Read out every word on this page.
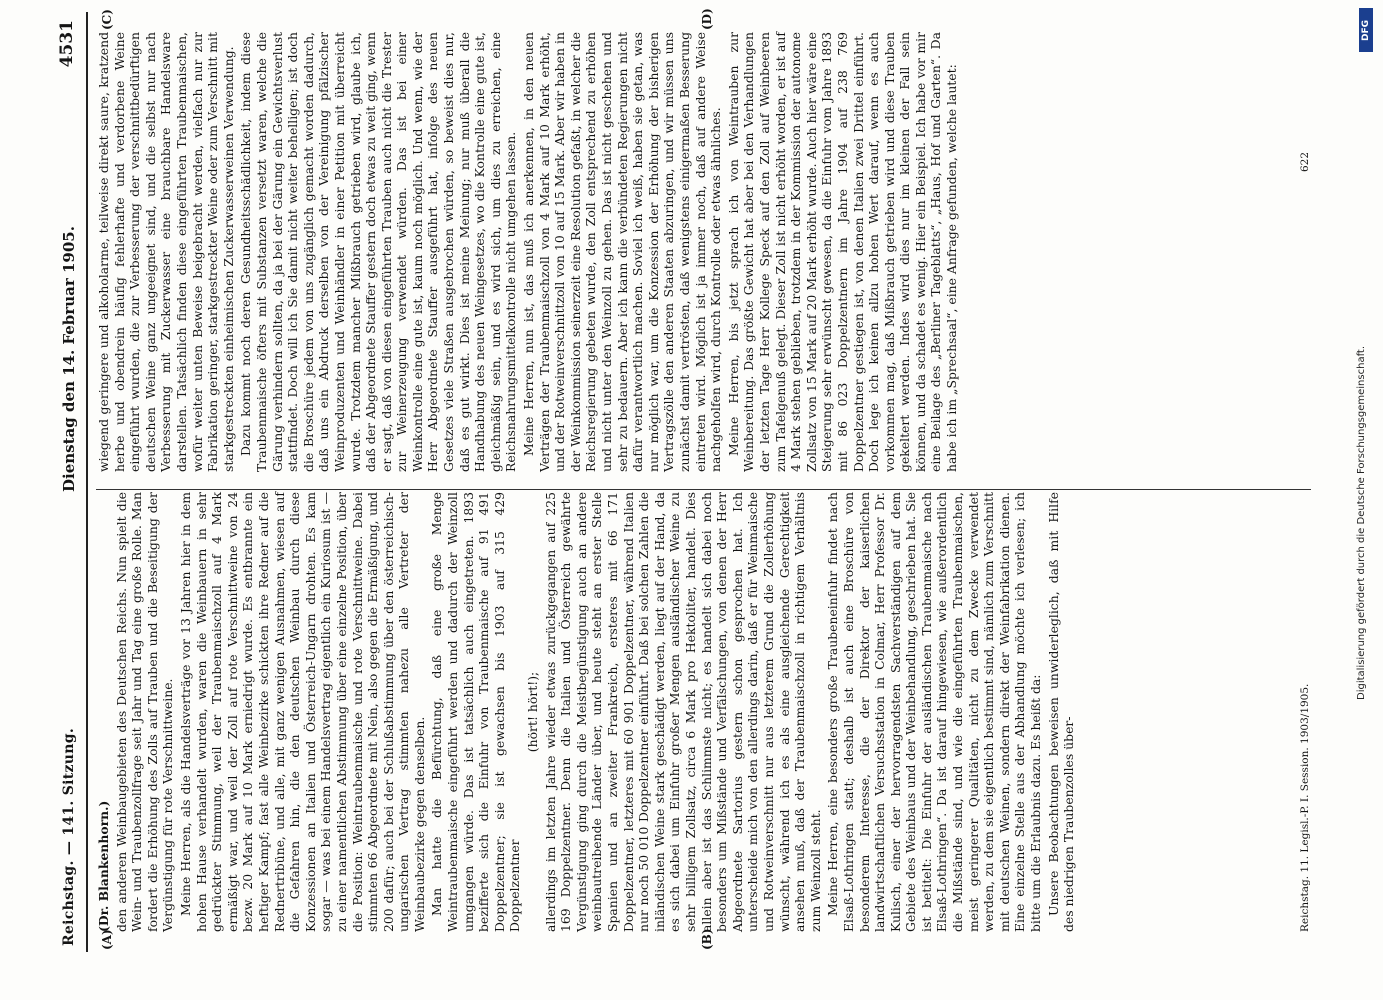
Reichstag. — 141. Sitzung.
Dienstag den 14. Februar 1905.
4531

(Dr. Blankenhorn.) den anderen Weinbaugebieten des Deutschen Reichs. Nun spielt die Wein- und Traubenzollfrage seit Jahr und Tag eine große Rolle. Man fordert die Erhöhung des Zolls auf Trauben und die Beseitigung der Vergünstigung für rote Verschnittweine. Meine Herren, als die Handelsverträge vor 13 Jahren hier in dem hohen Hause verhandelt wurden, waren die Weinbauern in sehr gedrückter Stimmung, weil der Traubenmaischzoll auf 4 Mark ermäßigt war, und weil der Zoll auf rote Verschnittweine von 24 bezw. 20 Mark auf 10 Mark erniedrigt wurde. Es entbrannte ein heftiger Kampf; fast alle Weinbezirke schickten ihre Redner auf die Rednertribüne, und alle, mit ganz wenigen Ausnahmen, wiesen auf die Gefahren hin, die den deutschen Weinbau durch diese Konzessionen an Italien und Österreich-Ungarn drohten. Es kam sogar — was bei einem Handelsvertrag eigentlich ein Kuriosum ist — zu einer namentlichen Abstimmung über eine einzelne Position, über die Position: Weintraubenmaische und rote Verschnittweine. Dabei stimmten 66 Abgeordnete mit Nein, also gegen die Ermäßigung, und 200 dafür; auch bei der Schlußabstimmung über den österreichisch-ungarischen Vertrag stimmten nahezu alle Vertreter der Weinbaubezirke gegen denselben. Man hatte die Befürchtung, daß eine große Menge Weintraubenmaische eingeführt werden und dadurch der Weinzoll umgangen würde. Das ist tatsächlich auch eingetreten. 1893 bezifferte sich die Einfuhr von Traubenmaische auf 91 491 Doppelzentner; sie ist gewachsen bis 1903 auf 315 429 Doppelzentner

(hört! hört!); allerdings im letzten Jahre wieder etwas zurückgegangen auf 225 169 Doppelzentner. Denn die Italien und Österreich gewährte Vergünstigung ging durch die Meistbegünstigung auch an andere weinbautreibende Länder über, und heute steht an erster Stelle Spanien und an zweiter Frankreich, ersteres mit 66 171 Doppelzentner, letzteres mit 60 901 Doppelzentner, während Italien nur noch 50 010 Doppelzentner einführt. Daß bei solchen Zahlen die inländischen Weine stark geschädigt werden, liegt auf der Hand, da es sich dabei um Einfuhr großer Mengen ausländischer Weine zu sehr billigem Zollsatz, circa 6 Mark pro Hektoliter, handelt. Dies allein aber ist das Schlimmste nicht; es handelt sich dabei noch besonders um Mißstände und Verfälschungen, von denen der Herr Abgeordnete Sartorius gestern schon gesprochen hat. Ich unterscheide mich von den allerdings darin, daß er für Weinmaische und Rotweinverschnitt nur aus letzterem Grund die Zollerhöhung wünscht, während ich es als eine ausgleichende Gerechtigkeit ansehen muß, daß der Traubenmaischzoll in richtigem Verhältnis zum Weinzoll steht. Meine Herren, eine besonders große Traubeneinfuhr findet nach Elsaß-Lothringen statt; deshalb ist auch eine Broschüre von besonderem Interesse, die der Direktor der kaiserlichen landwirtschaftlichen Versuchsstation in Colmar, Herr Professor Dr. Kulisch, einer der hervorragendsten Sachverständigen auf dem Gebiete des Weinbaus und der Weinbehandlung, geschrieben hat. Sie ist betitelt: Die Einfuhr der ausländischen Traubenmaische nach Elsaß-Lothringen“. Da ist darauf hingewiesen, wie außerordentlich die Mißstände sind, und wie die eingeführten Traubenmaischen, meist geringerer Qualitäten, nicht zu dem Zwecke verwendet werden, zu dem sie eigentlich bestimmt sind, nämlich zum Verschnitt mit deutschen Weinen, sondern direkt der Weinfabrikation dienen. Eine einzelne Stelle aus der Abhandlung möchte ich verlesen; ich bitte um die Erlaubnis dazu. Es heißt da: Unsere Beobachtungen beweisen unwiderleglich, daß mit Hilfe des niedrigen Traubenzolles über-

wiegend geringere und alkoholarme, teilweise direkt saure, kratzend herbe und obendrein häufig fehlerhafte und verdorbene Weine eingeführt wurden, die zur Verbesserung der verschnittbedürftigen deutschen Weine ganz ungeeignet sind, und die selbst nur nach Verbesserung mit Zuckerwasser eine brauchbare Handelsware darstellen. Tatsächlich finden diese eingeführten Traubenmaischen, wofür weiter unten Beweise beigebracht werden, vielfach nur zur Fabrikation geringer, starkgestreckter Weine oder zum Verschnitt mit starkgestreckten einheimischen Zuckerwasserweinen Verwendung. Dazu kommt noch deren Gesundheitsschädlichkeit, indem diese Traubenmaische öfters mit Substanzen versetzt waren, welche die Gärung verhindern sollten, da ja bei der Gärung ein Gewichtsverlust stattfindet. Doch will ich Sie damit nicht weiter behelligen; ist doch die Broschüre jedem von uns zugänglich gemacht worden dadurch, daß uns ein Abdruck derselben von der Vereinigung pfälzischer Weinproduzenten und Weinhändler in einer Petition mit überreicht wurde. Trotzdem mancher Mißbrauch getrieben wird, glaube ich, daß der Abgeordnete Stauffer gestern doch etwas zu weit ging, wenn er sagt, daß von diesen eingeführten Trauben auch nicht die Trester zur Weinerzeugung verwendet würden. Das ist bei einer Weinkontrolle eine gute ist, kaum noch möglich. Und wenn, wie der Herr Abgeordnete Stauffer ausgeführt hat, infolge des neuen Gesetzes viele Straßen ausgebrochen würden, so beweist dies nur, daß es gut wirkt. Dies ist meine Meinung; nur muß überall die Handhabung des neuen Weingesetzes, wo die Kontrolle eine gute ist, gleichmäßig sein, und es wird sich, um dies zu erreichen, eine Reichsnahrungsmittelkontrolle nicht umgehen lassen. Meine Herren, nun ist, das muß ich anerkennen, in den neuen Verträgen der Traubenmaischzoll von 4 Mark auf 10 Mark erhöht, und der Rotweinverschnittzoll von 10 auf 15 Mark. Aber wir haben in der Weinkommission seinerzeit eine Resolution gefaßt, in welcher die Reichsregierung gebeten wurde, den Zoll entsprechend zu erhöhen und nicht unter den Weinzoll zu gehen. Das ist nicht geschehen und sehr zu bedauern. Aber ich kann die verbündeten Regierungen nicht dafür verantwortlich machen. Soviel ich weiß, haben sie getan, was nur möglich war, um die Konzession der Erhöhung der bisherigen Vertragszölle den anderen Staaten abzuringen, und wir müssen uns zunächst damit vertrösten, daß wenigstens einigermaßen Besserung eintreten wird. Möglich ist ja immer noch, daß auf andere Weise nachgeholfen wird, durch Kontrolle oder etwas ähnliches. Meine Herren, bis jetzt sprach ich von Weintrauben zur Weinbereitung. Das größte Gewicht hat aber bei den Verhandlungen der letzten Tage Herr Kollege Speck auf den Zoll auf Weinbeeren zum Tafelgenuß gelegt. Dieser Zoll ist nicht erhöht worden, er ist auf 4 Mark stehen geblieben, trotzdem in der Kommission der autonome Zollsatz von 15 Mark auf 20 Mark erhöht wurde. Auch hier wäre eine Steigerung sehr erwünscht gewesen, da die Einfuhr vom Jahre 1893 mit 86 023 Doppelzentnern im Jahre 1904 auf 238 769 Doppelzentner gestiegen ist, von denen Italien zwei Drittel einführt. Doch lege ich keinen allzu hohen Wert darauf, wenn es auch vorkommen mag, daß Mißbrauch getrieben wird und diese Trauben gekeltert werden. Indes wird dies nur im kleinen der Fall sein können, und da schadet es wenig. Hier ein Beispiel. Ich habe vor mir eine Beilage des „Berliner Tageblatts“, „Haus, Hof und Garten“. Da habe ich im „Sprechsaal“, eine Anfrage gefunden, welche lautet:

(A)	(B)
(C)	(D)
Reichstag. 11. Legisl.-P. I. Session. 1903/1905.
622
DFG
Digitalisierung gefördert durch die Deutsche Forschungsgemeinschaft.
